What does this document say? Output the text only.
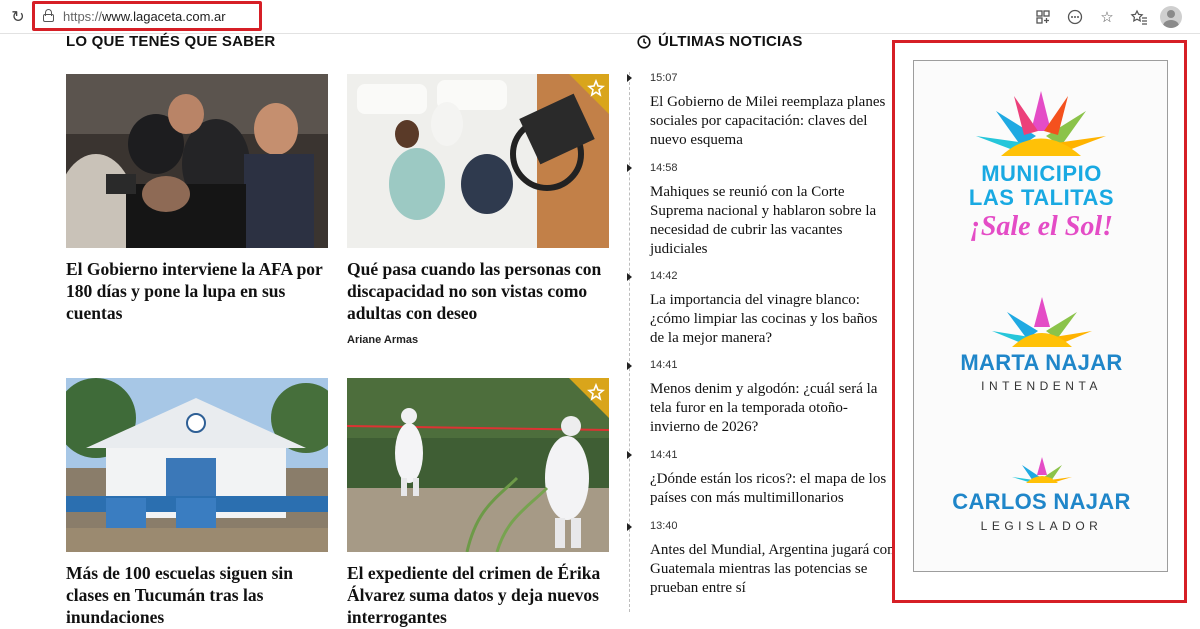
↻	https://www.lagaceta.com.ar	☆
LO QUE TENÉS QUE SABER	ÚLTIMAS NOTICIAS
El Gobierno interviene la AFA por 180 días y pone la lupa en sus cuentas
Qué pasa cuando las personas con discapacidad no son vistas como adultas con deseo
Ariane Armas
Más de 100 escuelas siguen sin clases en Tucumán tras las inundaciones
El expediente del crimen de Érika Álvarez suma datos y deja nuevos interrogantes
15:07
El Gobierno de Milei reemplaza planes sociales por capacitación: claves del nuevo esquema
14:58
Mahiques se reunió con la Corte Suprema nacional y hablaron sobre la necesidad de cubrir las vacantes judiciales
14:42
La importancia del vinagre blanco: ¿cómo limpiar las cocinas y los baños de la mejor manera?
14:41
Menos denim y algodón: ¿cuál será la tela furor en la temporada otoño-invierno de 2026?
14:41
¿Dónde están los ricos?: el mapa de los países con más multimillonarios
13:40
Antes del Mundial, Argentina jugará con Guatemala mientras las potencias se prueban entre sí
MUNICIPIO
LAS TALITAS
¡Sale el Sol!
MARTA NAJAR
INTENDENTA
CARLOS NAJAR
LEGISLADOR
